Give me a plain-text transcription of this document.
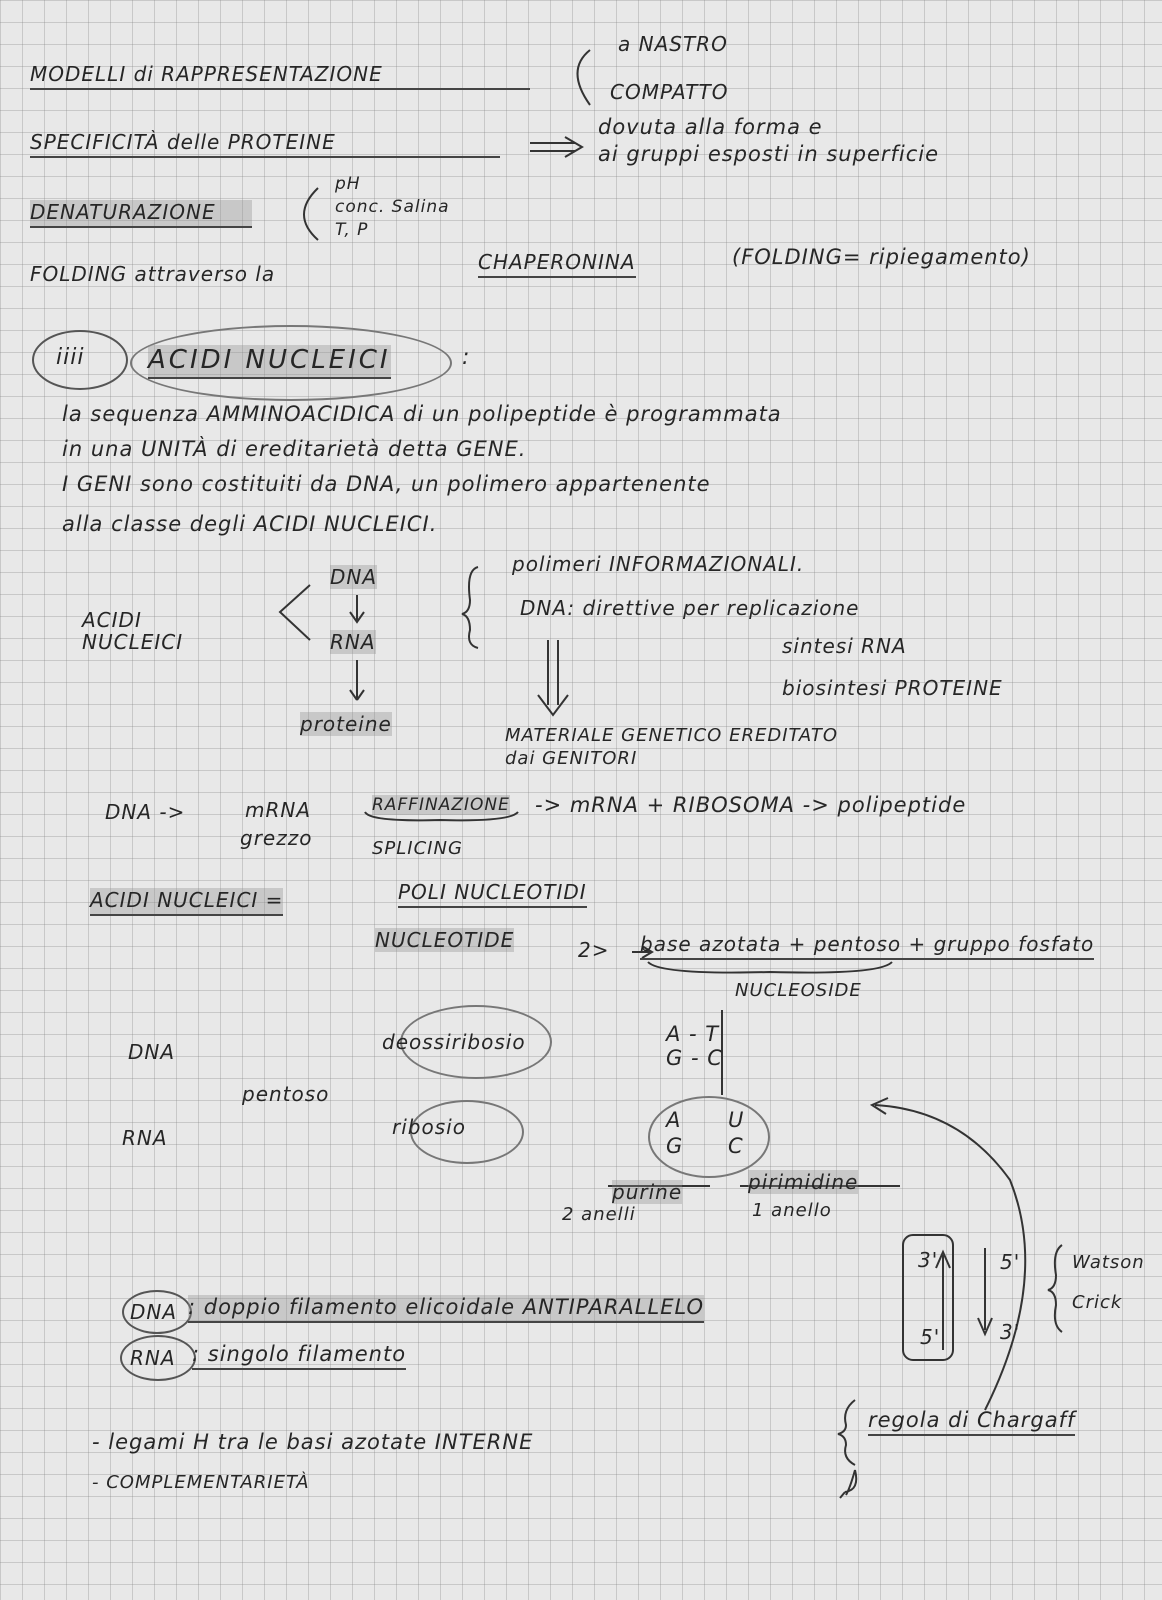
MODELLI di RAPPRESENTAZIONE
a NASTRO
COMPATTO
SPECIFICITÀ delle PROTEINE
dovuta alla forma e
ai gruppi esposti in superficie
DENATURAZIONE
pH
conc. Salina
T, P
FOLDING attraverso la	CHAPERONINA	(FOLDING= ripiegamento)
iiii ACIDI NUCLEICI	:
la sequenza AMMINOACIDICA di un polipeptide è programmata
in una UNITÀ di ereditarietà detta GENE.
I GENI sono costituiti da DNA, un polimero appartenente
alla classe degli ACIDI NUCLEICI.
ACIDI
NUCLEICI
DNA
RNA
proteine
polimeri INFORMAZIONALI.
DNA: direttive per replicazione
sintesi RNA
biosintesi PROTEINE
MATERIALE GENETICO EREDITATO
dai GENITORI
DNA ->	mRNA
grezzo
RAFFINAZIONE
SPLICING
-> mRNA + RIBOSOMA -> polipeptide
ACIDI NUCLEICI =	POLI NUCLEOTIDI
NUCLEOTIDE	2> base azotata + pentoso + gruppo fosfato
NUCLEOSIDE
DNA
RNA
pentoso
deossiribosio
ribosio
A - T
G - C
A
G
U
C
purine
2 anelli
pirimidine
1 anello
DNA : doppio filamento elicoidale ANTIPARALLELO
RNA : singolo filamento
3'
5'
5'
3'
Watson
Crick
- legami H tra le basi azotate INTERNE
- COMPLEMENTARIETÀ
regola di Chargaff
